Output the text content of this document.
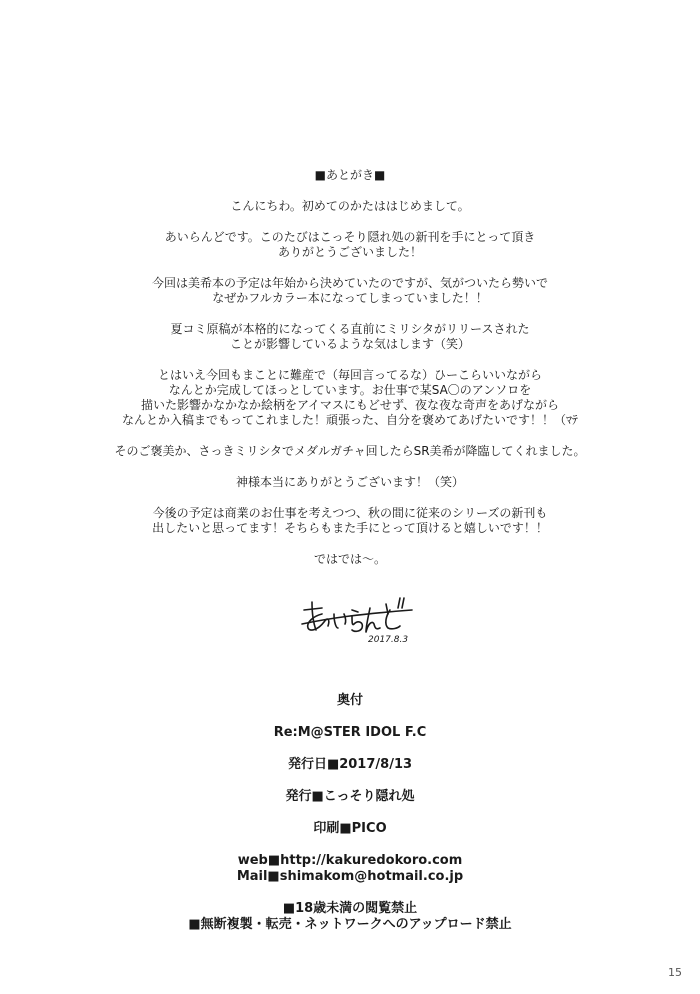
■あとがき■
こんにちわ。初めてのかたははじめまして。
あいらんどです。このたびはこっそり隠れ処の新刊を手にとって頂き
ありがとうございました！
今回は美希本の予定は年始から決めていたのですが、気がついたら勢いで
なぜかフルカラー本になってしまっていました！！
夏コミ原稿が本格的になってくる直前にミリシタがリリースされた
ことが影響しているような気はします（笑）
とはいえ今回もまことに難産で（毎回言ってるな）ひーこらいいながら
なんとか完成してほっとしています。お仕事で某SA〇のアンソロを
描いた影響かなかなか絵柄をアイマスにもどせず、夜な夜な奇声をあげながら
なんとか入稿までもってこれました！頑張った、自分を褒めてあげたいです！！（ﾏﾃ
そのご褒美か、さっきミリシタでメダルガチャ回したらSR美希が降臨してくれました。
神様本当にありがとうございます！（笑）
今後の予定は商業のお仕事を考えつつ、秋の間に従来のシリーズの新刊も
出したいと思ってます！そちらもまた手にとって頂けると嬉しいです！！
ではでは〜。
2017.8.3
奥付
Re:M@STER IDOL F.C
発行日■2017/8/13
発行■こっそり隠れ処
印刷■PICO
web■http://kakuredokoro.com
Mail■shimakom@hotmail.co.jp
■18歳未満の閲覧禁止
■無断複製・転売・ネットワークへのアップロード禁止
15
